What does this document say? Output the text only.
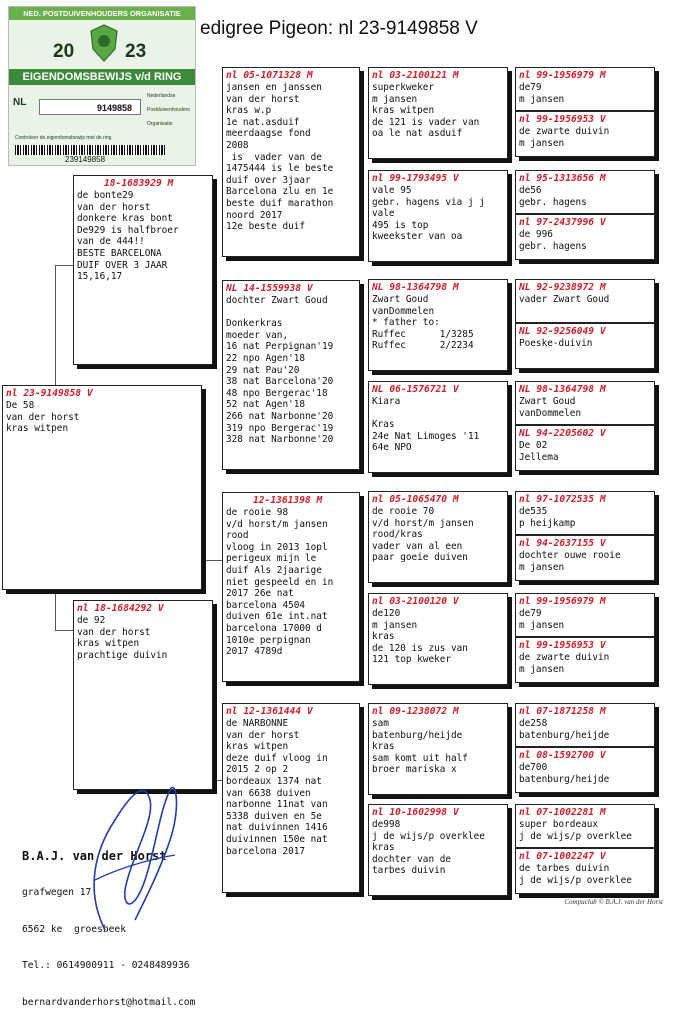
edigree Pigeon: nl 23-9149858 V
NED. POSTDUIVENHOUDERS ORGANISATIE
20	23
EIGENDOMSBEWIJS v/d RING
NL	9149858
Nederlandse
Postduivenhouders
Organisatie
Controleer de eigendomsbewijs met de ring
239149858
nl 23-9149858 V
De 58
van der horst
kras witpen
18-1683929 M
de bonte29
van der horst
donkere kras bont
De929 is halfbroer
van de 444!!
BESTE BARCELONA
DUIF OVER 3 JAAR
15,16,17
nl 18-1684292 V
de 92
van der horst
kras witpen
prachtige duivin
nl 05-1071328 M
jansen en janssen
van der horst
kras w.p
1e nat.asduif
meerdaagse fond
2008
is  vader van de
1475444 is le beste
duif over 3jaar
Barcelona zlu en 1e
beste duif marathon
noord 2017
12e beste duif
NL 14-1559938 V
dochter Zwart Goud

Donkerkras
moeder van,
16 nat Perpignan'19
22 npo Agen'18
29 nat Pau'20
38 nat Barcelona'20
48 npo Bergerac'18
52 nat Agen'18
266 nat Narbonne'20
319 npo Bergerac'19
328 nat Narbonne'20
12-1361398 M
de rooie 98
v/d horst/m jansen
rood
vloog in 2013 1opl
perigeux mijn le
duif Als 2jaarige
niet gespeeld en in
2017 26e nat
barcelona 4504
duiven 61e int.nat
barcelona 17000 d
1010e perpignan
2017 4789d
nl 12-1361444 V
de NARBONNE
van der horst
kras witpen
deze duif vloog in
2015 2 op 2
bordeaux 1374 nat
van 6638 duiven
narbonne 11nat van
5338 duiven en 5e
nat duivinnen 1416
duivinnen 150e nat
barcelona 2017
nl 03-2100121 M
superkweker
m jansen
kras witpen
de 121 is vader van
oa le nat asduif
nl 99-1793495 V
vale 95
gebr. hagens via j j
vale
495 is top
kweekster van oa
NL 98-1364798 M
Zwart Goud
vanDommelen
* father to:
Ruffec      1/3285
Ruffec      2/2234
NL 06-1576721 V
Kiara

Kras
24e Nat Limoges '11
64e NPO
nl 05-1065470 M
de rooie 70
v/d horst/m jansen
rood/kras
vader van al een
paar goeie duiven
nl 03-2100120 V
de120
m jansen
kras
de 120 is zus van
121 top kweker
nl 09-1238072 M
sam
batenburg/heijde
kras
sam komt uit half
broer mariska x
nl 10-1602998 V
de998
j de wijs/p overklee
kras
dochter van de
tarbes duivin
nl 99-1956979 M
de79
m jansen
nl 99-1956953 V
de zwarte duivin
m jansen
nl 95-1313656 M
de56
gebr. hagens
nl 97-2437996 V
de 996
gebr. hagens
NL 92-9238972 M
vader Zwart Goud
NL 92-9256049 V
Poeske-duivin
NL 98-1364798 M
Zwart Goud
vanDommelen
NL 94-2205602 V
De 02
Jellema
nl 97-1072535 M
de535
p heijkamp
nl 94-2637155 V
dochter ouwe rooie
m jansen
nl 99-1956979 M
de79
m jansen
nl 99-1956953 V
de zwarte duivin
m jansen
nl 07-1871258 M
de258
batenburg/heijde
nl 08-1592700 V
de700
batenburg/heijde
nl 07-1002281 M
super bordeaux
j de wijs/p overklee
nl 07-1002247 V
de tarbes duivin
j de wijs/p overklee

B.A.J. van der Horst

grafwegen 17

6562 ke  groesbeek

Tel.: 0614900911 - 0248489936

bernardvanderhorst@hotmail.com

Compuclub © B.A.J. van der Horst
